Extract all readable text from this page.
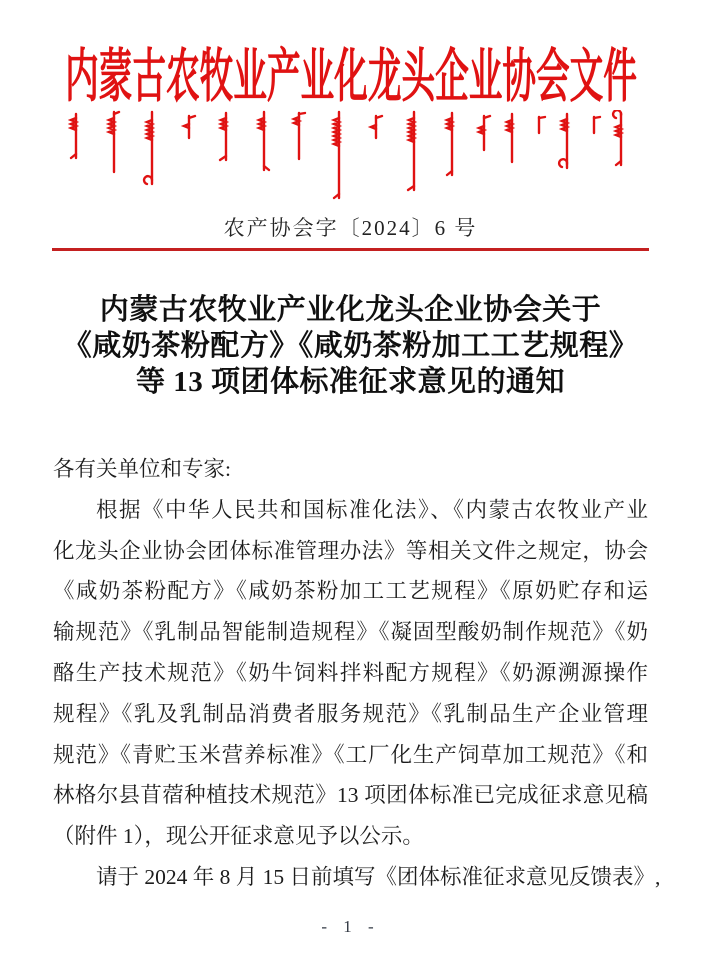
内蒙古农牧业产业化龙头企业协会文件
农产协会字〔2024〕6 号
内蒙古农牧业产业化龙头企业协会关于
《咸奶茶粉配方》《咸奶茶粉加工工艺规程》
等 13 项团体标准征求意见的通知
各有关单位和专家:
根据《中华人民共和国标准化法》、《内蒙古农牧业产业
化龙头企业协会团体标准管理办法》等相关文件之规定，协会
《咸奶茶粉配方》《咸奶茶粉加工工艺规程》《原奶贮存和运
输规范》《乳制品智能制造规程》《凝固型酸奶制作规范》《奶
酪生产技术规范》《奶牛饲料拌料配方规程》《奶源溯源操作
规程》《乳及乳制品消费者服务规范》《乳制品生产企业管理
规范》《青贮玉米营养标准》《工厂化生产饲草加工规范》《和
林格尔县苜蓿种植技术规范》13 项团体标准已完成征求意见稿
（附件 1），现公开征求意见予以公示。
请于 2024 年 8 月 15 日前填写《团体标准征求意见反馈表》,
- 1 -
